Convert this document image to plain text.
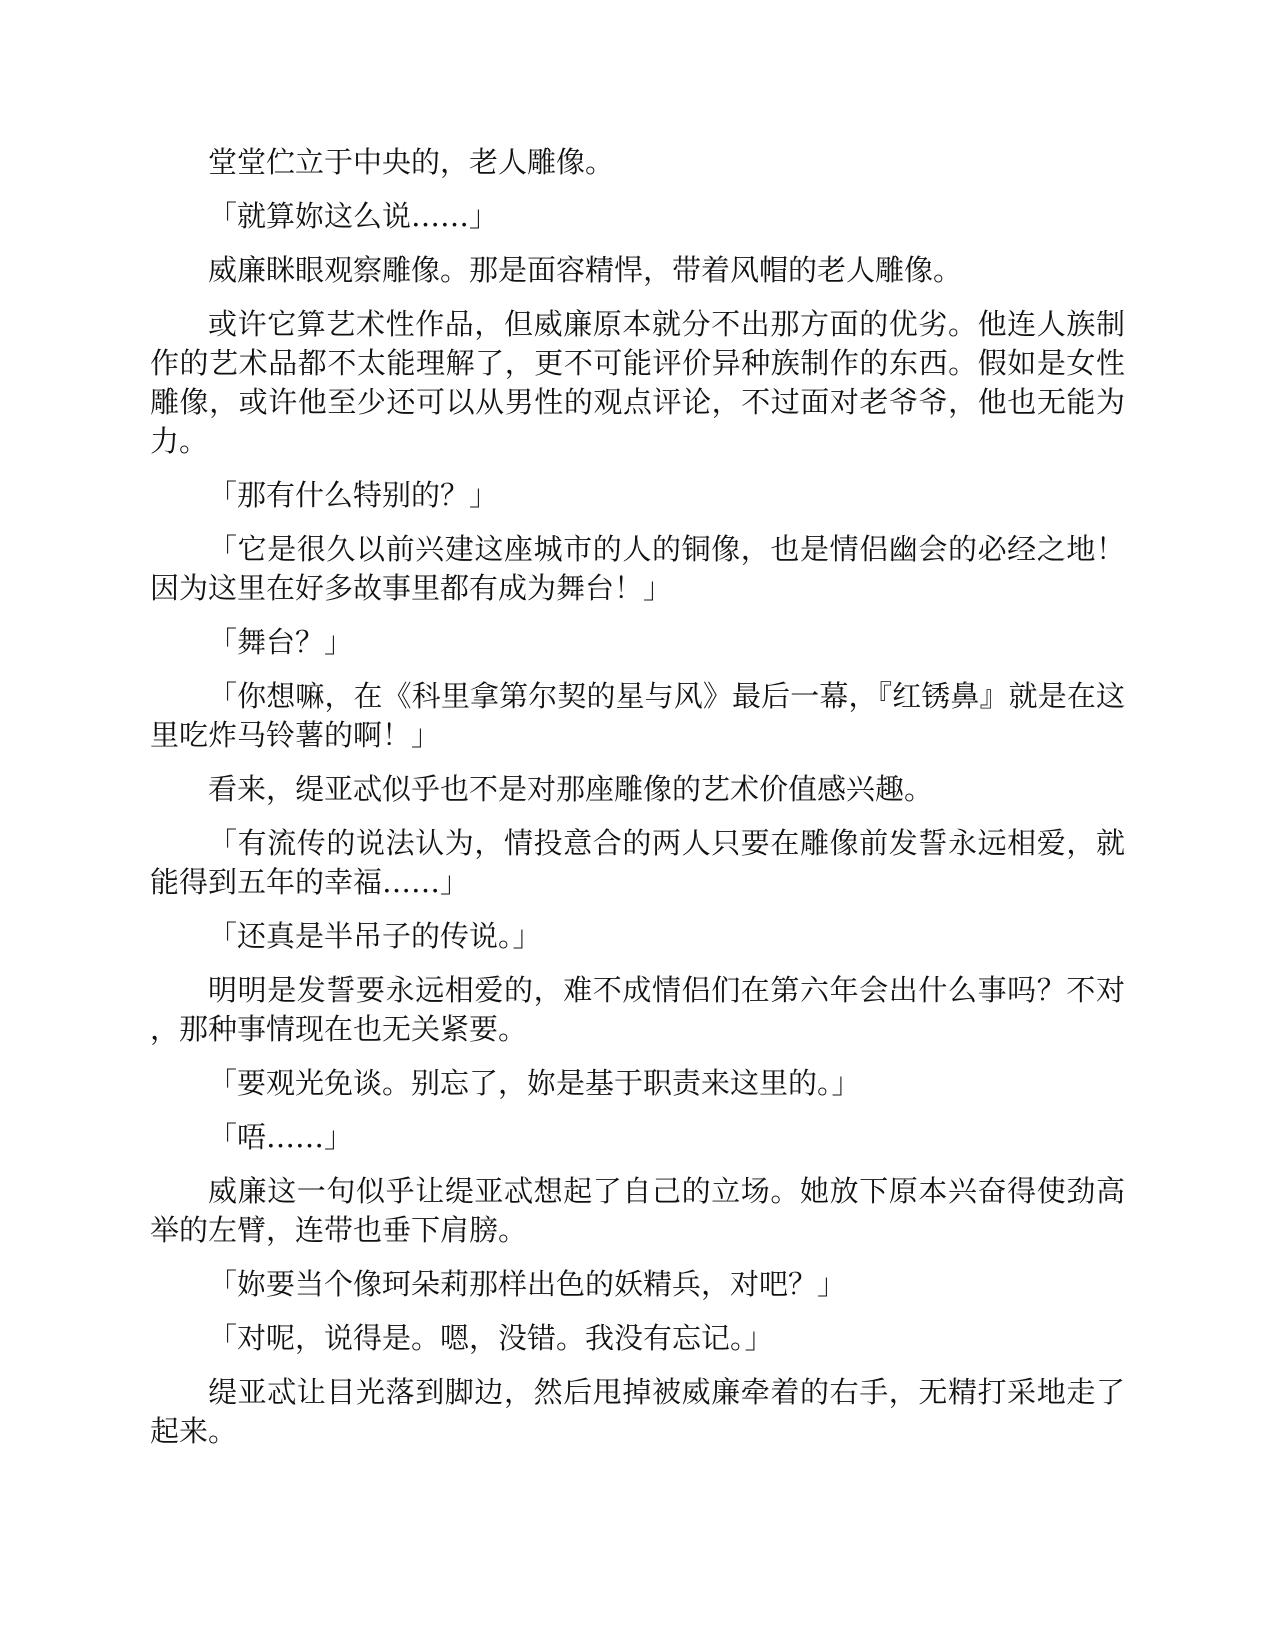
堂堂伫立于中央的，老人雕像。

「就算妳这么说……」

威廉眯眼观察雕像。那是面容精悍，带着风帽的老人雕像。

或许它算艺术性作品，但威廉原本就分不出那方面的优劣。他连人族制作的艺术品都不太能理解了，更不可能评价异种族制作的东西。假如是女性雕像，或许他至少还可以从男性的观点评论，不过面对老爷爷，他也无能为力。

「那有什么特别的？」

「它是很久以前兴建这座城市的人的铜像，也是情侣幽会的必经之地！因为这里在好多故事里都有成为舞台！」

「舞台？」

「你想嘛，在《科里拿第尔契的星与风》最后一幕，『红锈鼻』就是在这里吃炸马铃薯的啊！」

看来，缇亚忒似乎也不是对那座雕像的艺术价值感兴趣。

「有流传的说法认为，情投意合的两人只要在雕像前发誓永远相爱，就能得到五年的幸福……」

「还真是半吊子的传说。」

明明是发誓要永远相爱的，难不成情侣们在第六年会出什么事吗？不对，那种事情现在也无关紧要。

「要观光免谈。别忘了，妳是基于职责来这里的。」

「唔……」

威廉这一句似乎让缇亚忒想起了自己的立场。她放下原本兴奋得使劲高举的左臂，连带也垂下肩膀。

「妳要当个像珂朵莉那样出色的妖精兵，对吧？」

「对呢，说得是。嗯，没错。我没有忘记。」

缇亚忒让目光落到脚边，然后甩掉被威廉牵着的右手，无精打采地走了起来。
